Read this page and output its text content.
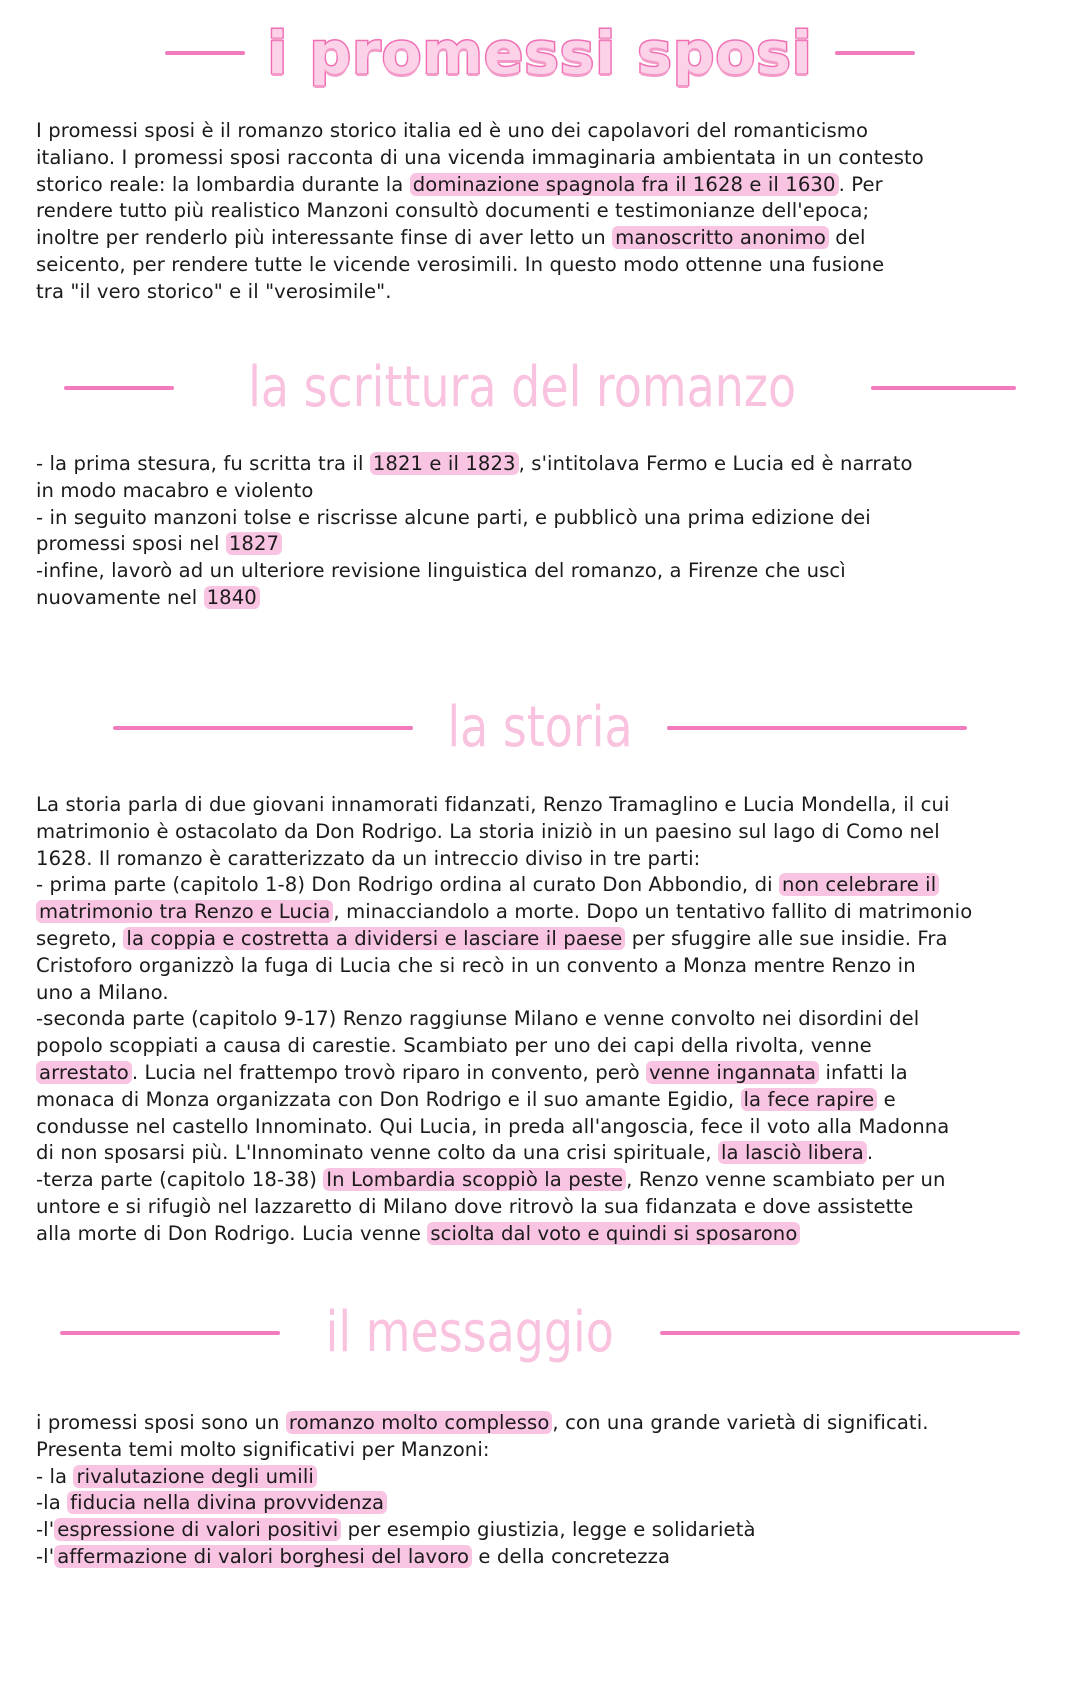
i promessi sposi

I promessi sposi è il romanzo storico italia ed è uno dei capolavori del romanticismo

italiano. I promessi sposi racconta di una vicenda immaginaria ambientata in un contesto

storico reale: la lombardia durante la dominazione spagnola fra il 1628 e il 1630 . Per

rendere tutto più realistico Manzoni consultò documenti e testimonianze dell'epoca;

inoltre per renderlo più interessante finse di aver letto un manoscritto anonimo del

seicento, per rendere tutte le vicende verosimili. In questo modo ottenne una fusione

tra "il vero storico" e il "verosimile".

la scrittura del romanzo

- la prima stesura, fu scritta tra il 1821 e il 1823 , s'intitolava Fermo e Lucia ed è narrato

in modo macabro e violento

- in seguito manzoni tolse e riscrisse alcune parti, e pubblicò una prima edizione dei

promessi sposi nel 1827

-infine, lavorò ad un ulteriore revisione linguistica del romanzo, a Firenze che uscì

nuovamente nel 1840

la storia

La storia parla di due giovani innamorati fidanzati, Renzo Tramaglino e Lucia Mondella, il cui

matrimonio è ostacolato da Don Rodrigo. La storia iniziò in un paesino sul lago di Como nel

1628. Il romanzo è caratterizzato da un intreccio diviso in tre parti:

- prima parte (capitolo 1-8) Don Rodrigo ordina al curato Don Abbondio, di non celebrare il

matrimonio tra Renzo e Lucia , minacciandolo a morte. Dopo un tentativo fallito di matrimonio

segreto, la coppia e costretta a dividersi e lasciare il paese per sfuggire alle sue insidie. Fra

Cristoforo organizzò la fuga di Lucia che si recò in un convento a Monza mentre Renzo in

uno a Milano.

-seconda parte (capitolo 9-17) Renzo raggiunse Milano e venne convolto nei disordini del

popolo scoppiati a causa di carestie. Scambiato per uno dei capi della rivolta, venne

arrestato . Lucia nel frattempo trovò riparo in convento, però venne ingannata infatti la

monaca di Monza organizzata con Don Rodrigo e il suo amante Egidio, la fece rapire e

condusse nel castello Innominato. Qui Lucia, in preda all'angoscia, fece il voto alla Madonna

di non sposarsi più. L'Innominato venne colto da una crisi spirituale, la lasciò libera .

-terza parte (capitolo 18-38) In Lombardia scoppiò la peste , Renzo venne scambiato per un

untore e si rifugiò nel lazzaretto di Milano dove ritrovò la sua fidanzata e dove assistette

alla morte di Don Rodrigo. Lucia venne sciolta dal voto e quindi si sposarono

il messaggio

i promessi sposi sono un romanzo molto complesso , con una grande varietà di significati.

Presenta temi molto significativi per Manzoni:

- la rivalutazione degli umili

-la fiducia nella divina provvidenza

-l' espressione di valori positivi per esempio giustizia, legge e solidarietà

-l' affermazione di valori borghesi del lavoro e della concretezza
